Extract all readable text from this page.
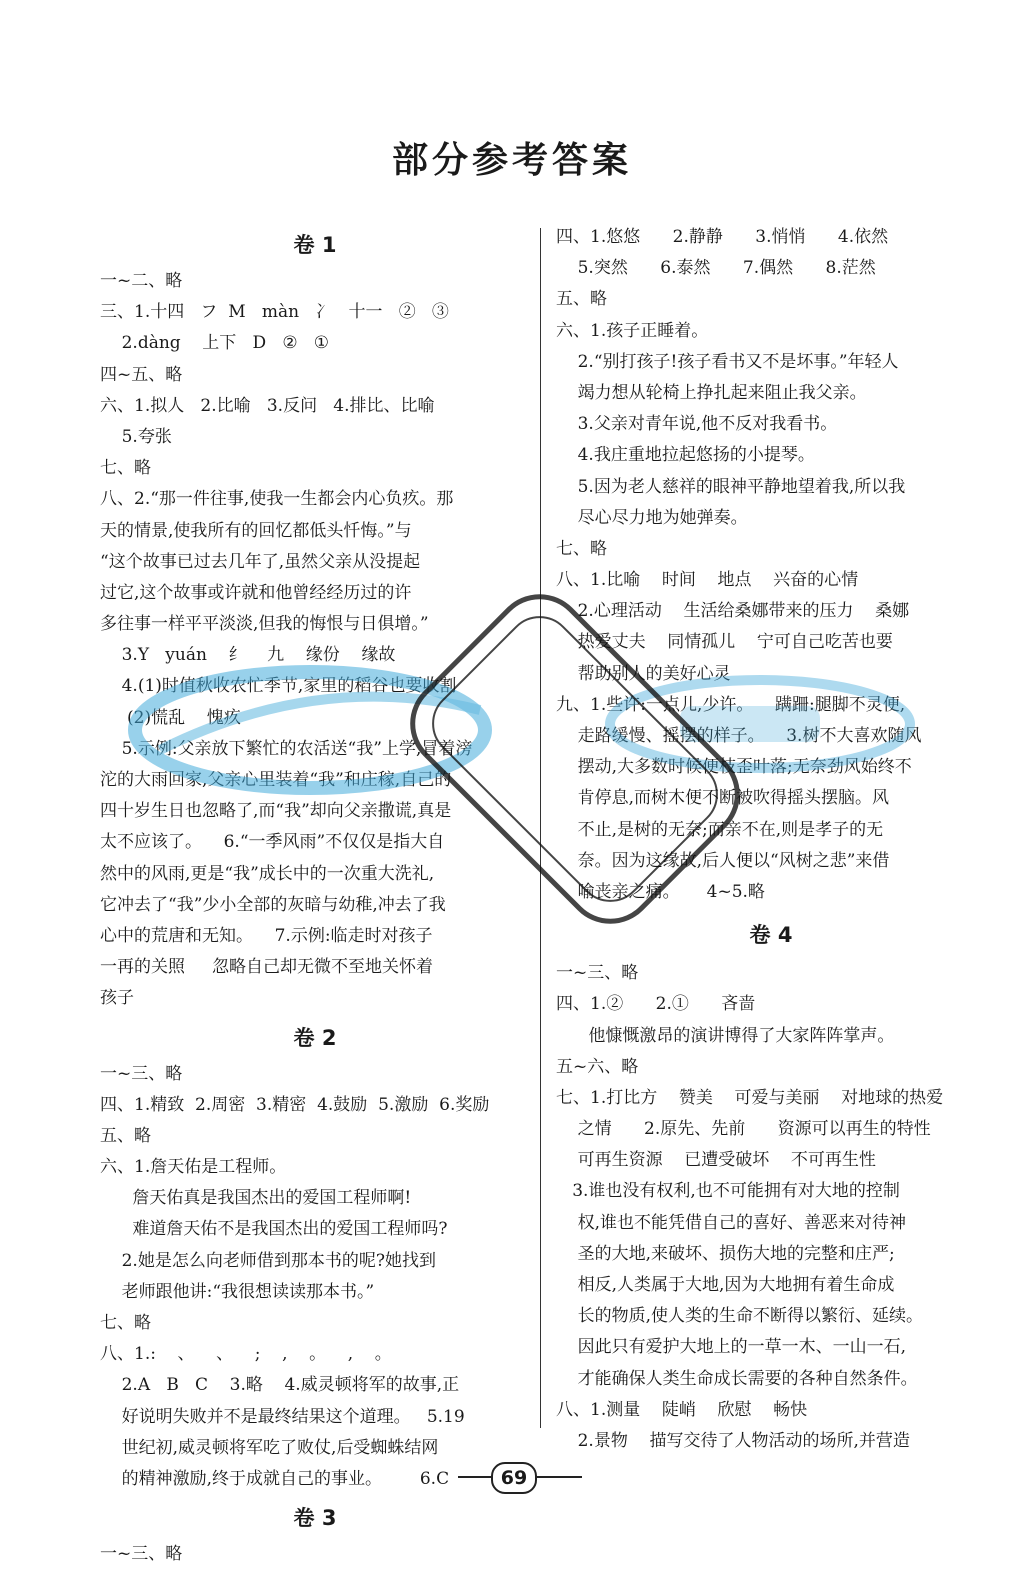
部分参考答案
卷 1
一~二、略
三、1.十四   フ  M   màn   冫   十一   ②   ③
2.dàng    上下   D   ②   ①
四~五、略
六、1.拟人   2.比喻   3.反问   4.排比、比喻
5.夸张
七、略
八、2.“那一件往事,使我一生都会内心负疚。那
天的情景,使我所有的回忆都低头忏悔。”与
“这个故事已过去几年了,虽然父亲从没提起
过它,这个故事或许就和他曾经经历过的许
多往事一样平平淡淡,但我的悔恨与日俱增。”
3.Y   yuán    纟    九    缘份    缘故
4.(1)时值秋收农忙季节,家里的稻谷也要收割
(2)慌乱    愧疚
5.示例:父亲放下繁忙的农活送“我”上学,冒着滂
沱的大雨回家,父亲心里装着“我”和庄稼,自己的
四十岁生日也忽略了,而“我”却向父亲撒谎,真是
太不应该了。    6.“一季风雨”不仅仅是指大自
然中的风雨,更是“我”成长中的一次重大洗礼,
它冲去了“我”少小全部的灰暗与幼稚,冲去了我
心中的荒唐和无知。    7.示例:临走时对孩子
一再的关照     忽略自己却无微不至地关怀着
孩子
卷 2
一~三、略
四、1.精致  2.周密  3.精密  4.鼓励  5.激励  6.奖励
五、略
六、1.詹天佑是工程师。
詹天佑真是我国杰出的爱国工程师啊!
难道詹天佑不是我国杰出的爱国工程师吗?
2.她是怎么向老师借到那本书的呢?她找到
老师跟他讲:“我很想读读那本书。”
七、略
八、1.:    、    、    ;    ,    。    ,    。
2.A   B   C    3.略    4.威灵顿将军的故事,正
好说明失败并不是最终结果这个道理。   5.19
世纪初,威灵顿将军吃了败仗,后受蜘蛛结网
的精神激励,终于成就自己的事业。       6.C
卷 3
一~三、略
四、1.悠悠      2.静静      3.悄悄      4.依然
5.突然      6.泰然      7.偶然      8.茫然
五、略
六、1.孩子正睡着。
2.“别打孩子!孩子看书又不是坏事。”年轻人
竭力想从轮椅上挣扎起来阻止我父亲。
3.父亲对青年说,他不反对我看书。
4.我庄重地拉起悠扬的小提琴。
5.因为老人慈祥的眼神平静地望着我,所以我
尽心尽力地为她弹奏。
七、略
八、1.比喻    时间    地点    兴奋的心情
2.心理活动    生活给桑娜带来的压力    桑娜
热爱丈夫    同情孤儿    宁可自己吃苦也要
帮助别人的美好心灵
九、1.些许:一点儿,少许。    蹒跚:腿脚不灵便,
走路缓慢、摇摆的样子。    3.树不大喜欢随风
摆动,大多数时候便枝歪叶落;无奈劲风始终不
肯停息,而树木便不断被吹得摇头摆脑。风
不止,是树的无奈;而亲不在,则是孝子的无
奈。因为这缘故,后人便以“风树之悲”来借
喻丧亲之痛。     4~5.略
卷 4
一~三、略
四、1.②      2.①      吝啬
他慷慨激昂的演讲博得了大家阵阵掌声。
五~六、略
七、1.打比方    赞美    可爱与美丽    对地球的热爱
之情      2.原先、先前      资源可以再生的特性
可再生资源    已遭受破坏    不可再生性
3.谁也没有权利,也不可能拥有对大地的控制
权,谁也不能凭借自己的喜好、善恶来对待神
圣的大地,来破坏、损伤大地的完整和庄严;
相反,人类属于大地,因为大地拥有着生命成
长的物质,使人类的生命不断得以繁衍、延续。
因此只有爱护大地上的一草一木、一山一石,
才能确保人类生命成长需要的各种自然条件。
八、1.测量    陡峭    欣慰    畅快
2.景物    描写交待了人物活动的场所,并营造
69
